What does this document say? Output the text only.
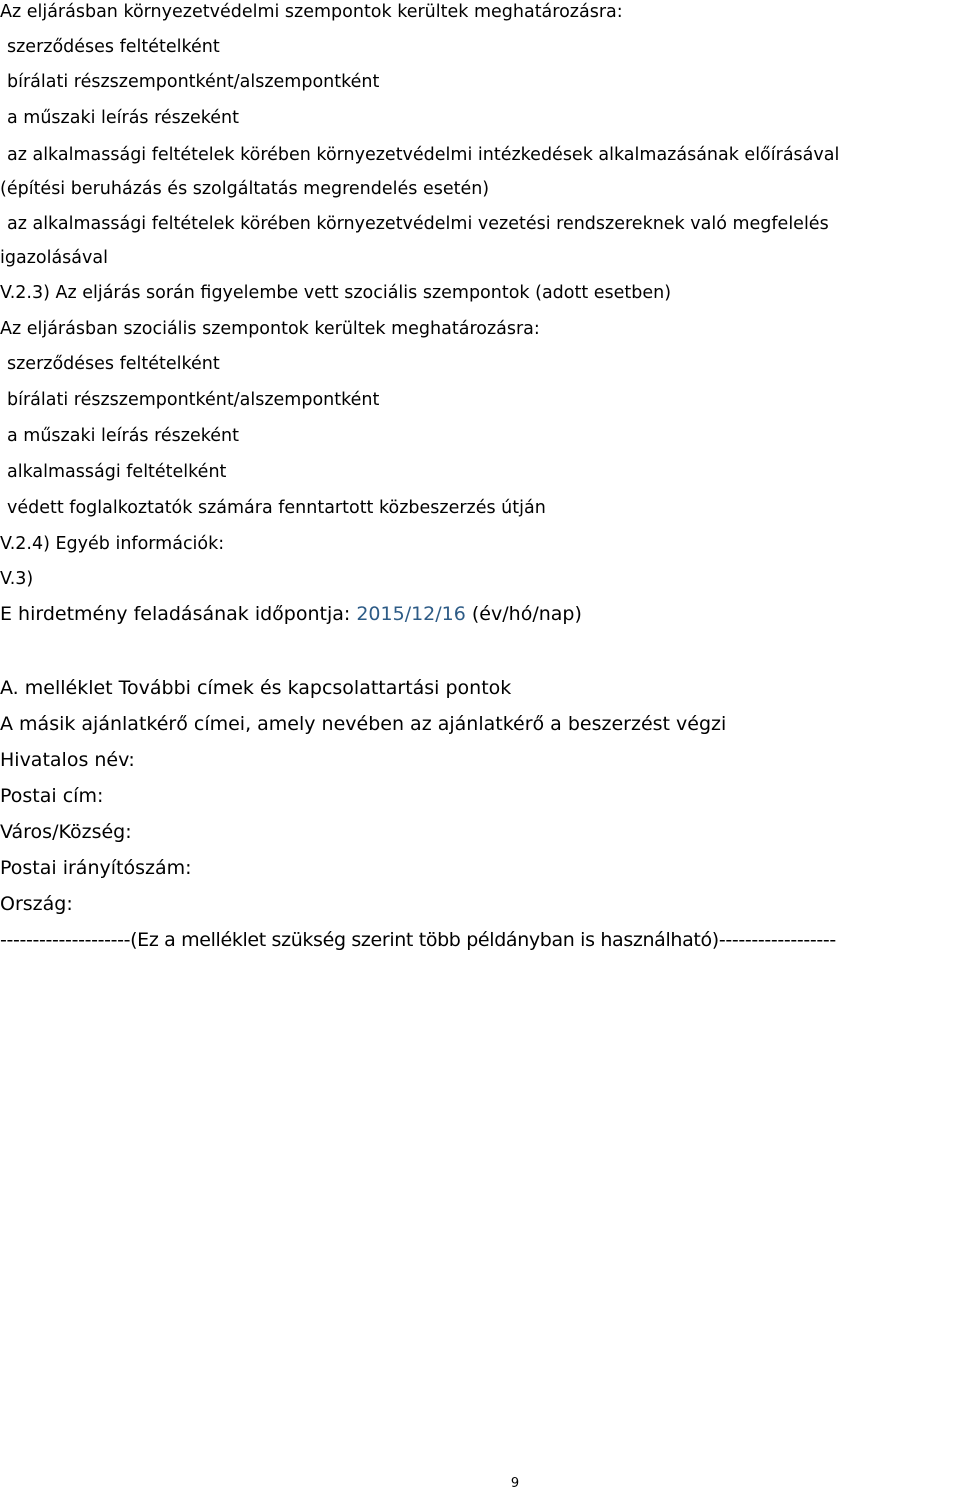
Az eljárásban környezetvédelmi szempontok kerültek meghatározásra:
szerződéses feltételként
bírálati részszempontként/alszempontként
a műszaki leírás részeként
az alkalmassági feltételek körében környezetvédelmi intézkedések alkalmazásának előírásával
(építési beruházás és szolgáltatás megrendelés esetén)
az alkalmassági feltételek körében környezetvédelmi vezetési rendszereknek való megfelelés
igazolásával
V.2.3) Az eljárás során figyelembe vett szociális szempontok (adott esetben)
Az eljárásban szociális szempontok kerültek meghatározásra:
szerződéses feltételként
bírálati részszempontként/alszempontként
a műszaki leírás részeként
alkalmassági feltételként
védett foglalkoztatók számára fenntartott közbeszerzés útján
V.2.4) Egyéb információk:
V.3)
E hirdetmény feladásának időpontja: 2015/12/16 (év/hó/nap)
A. melléklet További címek és kapcsolattartási pontok
A másik ajánlatkérő címei, amely nevében az ajánlatkérő a beszerzést végzi
Hivatalos név:
Postai cím:
Város/Község:
Postai irányítószám:
Ország:
--------------------(Ez a melléklet szükség szerint több példányban is használható)------------------
9
